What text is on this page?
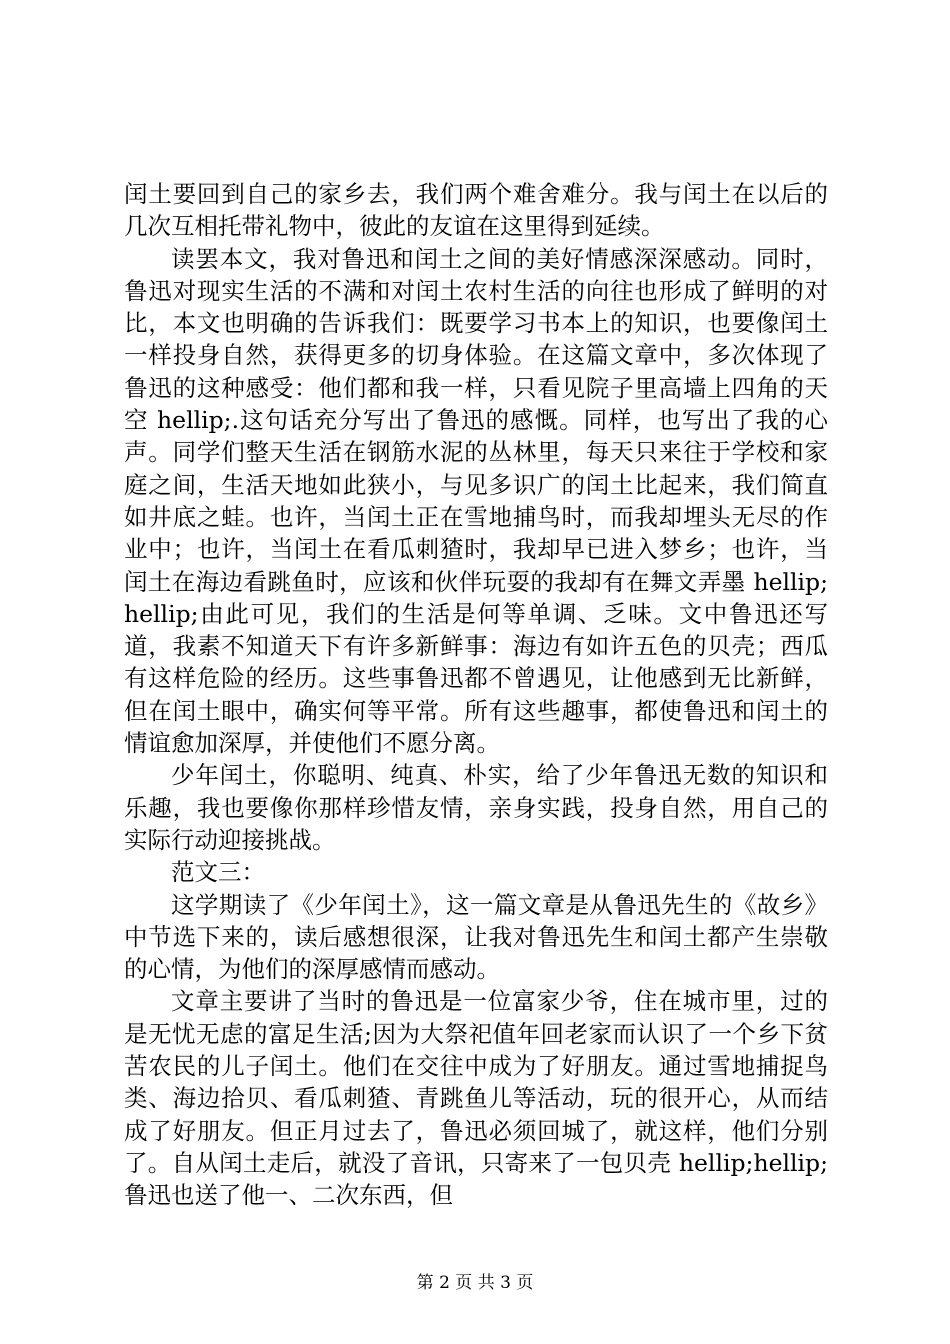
闰土要回到自己的家乡去，我们两个难舍难分。我与闰土在以后的几次互相托带礼物中，彼此的友谊在这里得到延续。

读罢本文，我对鲁迅和闰土之间的美好情感深深感动。同时，鲁迅对现实生活的不满和对闰土农村生活的向往也形成了鲜明的对比，本文也明确的告诉我们：既要学习书本上的知识，也要像闰土一样投身自然，获得更多的切身体验。在这篇文章中，多次体现了鲁迅的这种感受：他们都和我一样，只看见院子里高墙上四角的天空 hellip;.这句话充分写出了鲁迅的感慨。同样，也写出了我的心声。同学们整天生活在钢筋水泥的丛林里，每天只来往于学校和家庭之间，生活天地如此狭小，与见多识广的闰土比起来，我们简直如井底之蛙。也许，当闰土正在雪地捕鸟时，而我却埋头无尽的作业中；也许，当闰土在看瓜刺猹时，我却早已进入梦乡；也许，当闰土在海边看跳鱼时，应该和伙伴玩耍的我却有在舞文弄墨 hellip;hellip;由此可见，我们的生活是何等单调、乏味。文中鲁迅还写道，我素不知道天下有许多新鲜事：海边有如许五色的贝壳；西瓜有这样危险的经历。这些事鲁迅都不曾遇见，让他感到无比新鲜，但在闰土眼中，确实何等平常。所有这些趣事，都使鲁迅和闰土的情谊愈加深厚，并使他们不愿分离。

少年闰土，你聪明、纯真、朴实，给了少年鲁迅无数的知识和乐趣，我也要像你那样珍惜友情，亲身实践，投身自然，用自己的实际行动迎接挑战。

范文三：

这学期读了《少年闰土》，这一篇文章是从鲁迅先生的《故乡》中节选下来的，读后感想很深，让我对鲁迅先生和闰土都产生崇敬的心情，为他们的深厚感情而感动。

文章主要讲了当时的鲁迅是一位富家少爷，住在城市里，过的是无忧无虑的富足生活;因为大祭祀值年回老家而认识了一个乡下贫苦农民的儿子闰土。他们在交往中成为了好朋友。通过雪地捕捉鸟类、海边拾贝、看瓜刺猹、青跳鱼儿等活动，玩的很开心，从而结成了好朋友。但正月过去了，鲁迅必须回城了，就这样，他们分别了。自从闰土走后，就没了音讯，只寄来了一包贝壳 hellip;hellip;鲁迅也送了他一、二次东西，但

第 2 页 共 3 页
